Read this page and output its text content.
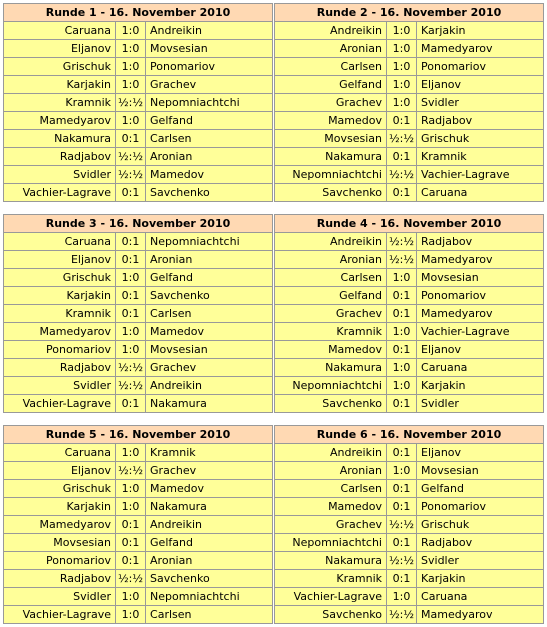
Runde 1 - 16. November 2010		
Caruana	1:0	Andreikin
Eljanov	1:0	Movsesian
Grischuk	1:0	Ponomariov
Karjakin	1:0	Grachev
Kramnik	½:½	Nepomniachtchi
Mamedyarov	1:0	Gelfand
Nakamura	0:1	Carlsen
Radjabov	½:½	Aronian
Svidler	½:½	Mamedov
Vachier-Lagrave	0:1	Savchenko
Runde 2 - 16. November 2010		
Andreikin	1:0	Karjakin
Aronian	1:0	Mamedyarov
Carlsen	1:0	Ponomariov
Gelfand	1:0	Eljanov
Grachev	1:0	Svidler
Mamedov	0:1	Radjabov
Movsesian	½:½	Grischuk
Nakamura	0:1	Kramnik
Nepomniachtchi	½:½	Vachier-Lagrave
Savchenko	0:1	Caruana
Runde 3 - 16. November 2010		
Caruana	0:1	Nepomniachtchi
Eljanov	0:1	Aronian
Grischuk	1:0	Gelfand
Karjakin	0:1	Savchenko
Kramnik	0:1	Carlsen
Mamedyarov	1:0	Mamedov
Ponomariov	1:0	Movsesian
Radjabov	½:½	Grachev
Svidler	½:½	Andreikin
Vachier-Lagrave	0:1	Nakamura
Runde 4 - 16. November 2010		
Andreikin	½:½	Radjabov
Aronian	½:½	Mamedyarov
Carlsen	1:0	Movsesian
Gelfand	0:1	Ponomariov
Grachev	0:1	Mamedyarov
Kramnik	1:0	Vachier-Lagrave
Mamedov	0:1	Eljanov
Nakamura	1:0	Caruana
Nepomniachtchi	1:0	Karjakin
Savchenko	0:1	Svidler
Runde 5 - 16. November 2010		
Caruana	1:0	Kramnik
Eljanov	½:½	Grachev
Grischuk	1:0	Mamedov
Karjakin	1:0	Nakamura
Mamedyarov	0:1	Andreikin
Movsesian	0:1	Gelfand
Ponomariov	0:1	Aronian
Radjabov	½:½	Savchenko
Svidler	1:0	Nepomniachtchi
Vachier-Lagrave	1:0	Carlsen
Runde 6 - 16. November 2010		
Andreikin	0:1	Eljanov
Aronian	1:0	Movsesian
Carlsen	0:1	Gelfand
Mamedov	0:1	Ponomariov
Grachev	½:½	Grischuk
Nepomniachtchi	0:1	Radjabov
Nakamura	½:½	Svidler
Kramnik	0:1	Karjakin
Vachier-Lagrave	1:0	Caruana
Savchenko	½:½	Mamedyarov
